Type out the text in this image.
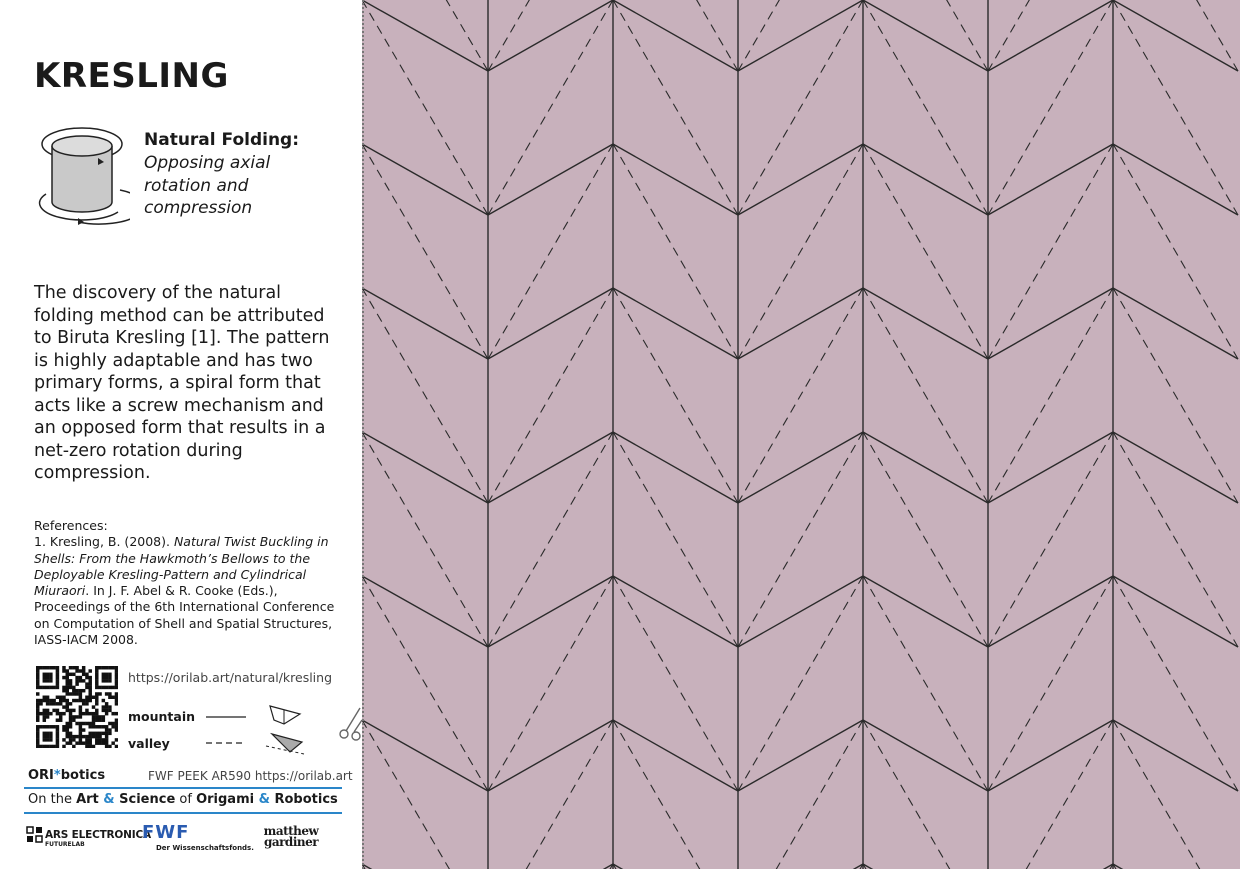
KRESLING
Natural Folding:
Opposing axial
rotation and
compression
The discovery of the natural folding method can be attributed to Biruta Kresling [1]. The pattern is highly adaptable and has two primary forms, a spiral form that acts like a screw mechanism and an opposed form that results in a net-zero rotation during compression.
References:
1. Kresling, B. (2008). Natural Twist Buckling in Shells: From the Hawkmoth’s Bellows to the Deployable Kresling-Pattern and Cylindrical Miuraori. In J. F. Abel & R. Cooke (Eds.), Proceedings of the 6th International Conference on Computation of Shell and Spatial Structures, IASS-IACM 2008.
https://orilab.art/natural/kresling
mountain
valley
ORI*botics	FWF PEEK AR590 https://orilab.art
On the Art & Science of Origami & Robotics
ARS ELECTRONICA
FUTURELAB
FWF
Der Wissenschaftsfonds.
matthew
gardiner
